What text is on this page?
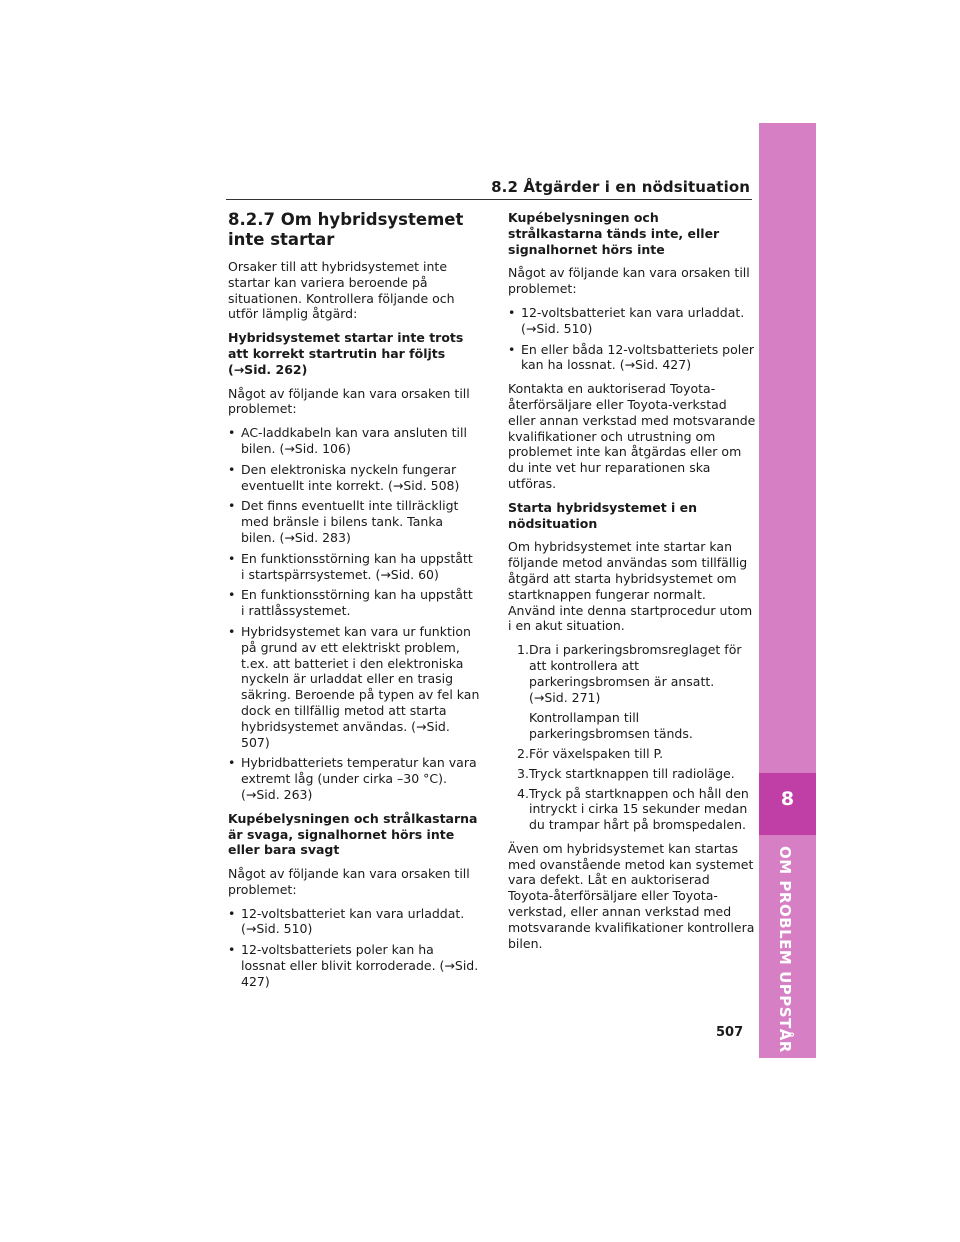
8.2 Åtgärder i en nödsituation
8
OM PROBLEM UPPSTÅR
507
8.2.7 Om hybridsystemet inte startar

Orsaker till att hybridsystemet inte startar kan variera beroende på situationen. Kontrollera följande och utför lämplig åtgärd:

Hybridsystemet startar inte trots att korrekt startrutin har följts (→Sid. 262)

Något av följande kan vara orsaken till problemet:

• AC-laddkabeln kan vara ansluten till bilen. (→Sid. 106)
• Den elektroniska nyckeln fungerar eventuellt inte korrekt. (→Sid. 508)
• Det finns eventuellt inte tillräckligt med bränsle i bilens tank. Tanka bilen. (→Sid. 283)
• En funktionsstörning kan ha uppstått i startspärrsystemet. (→Sid. 60)
• En funktionsstörning kan ha uppstått i rattlåssystemet.
• Hybridsystemet kan vara ur funktion på grund av ett elektriskt problem, t.ex. att batteriet i den elektroniska nyckeln är urladdat eller en trasig säkring. Beroende på typen av fel kan dock en tillfällig metod att starta hybridsystemet användas. (→Sid. 507)
• Hybridbatteriets temperatur kan vara extremt låg (under cirka –30 °C). (→Sid. 263)

Kupébelysningen och strålkastarna är svaga, signalhornet hörs inte eller bara svagt

Något av följande kan vara orsaken till problemet:

• 12-voltsbatteriet kan vara urladdat. (→Sid. 510)
• 12-voltsbatteriets poler kan ha lossnat eller blivit korroderade. (→Sid. 427)

Kupébelysningen och strålkastarna tänds inte, eller signalhornet hörs inte

Något av följande kan vara orsaken till problemet:

• 12-voltsbatteriet kan vara urladdat. (→Sid. 510)
• En eller båda 12-voltsbatteriets poler kan ha lossnat. (→Sid. 427)

Kontakta en auktoriserad Toyota-återförsäljare eller Toyota-verkstad eller annan verkstad med motsvarande kvalifikationer och utrustning om problemet inte kan åtgärdas eller om du inte vet hur reparationen ska utföras.

Starta hybridsystemet i en nödsituation

Om hybridsystemet inte startar kan följande metod användas som tillfällig åtgärd att starta hybridsystemet om startknappen fungerar normalt. Använd inte denna startprocedur utom i en akut situation.

1. Dra i parkeringsbromsreglaget för att kontrollera att parkeringsbromsen är ansatt. (→Sid. 271)
Kontrollampan till parkeringsbromsen tänds.
2. För växelspaken till P.
3. Tryck startknappen till radioläge.
4. Tryck på startknappen och håll den intryckt i cirka 15 sekunder medan du trampar hårt på bromspedalen.

Även om hybridsystemet kan startas med ovanstående metod kan systemet vara defekt. Låt en auktoriserad Toyota-återförsäljare eller Toyota-verkstad, eller annan verkstad med motsvarande kvalifikationer kontrollera bilen.
